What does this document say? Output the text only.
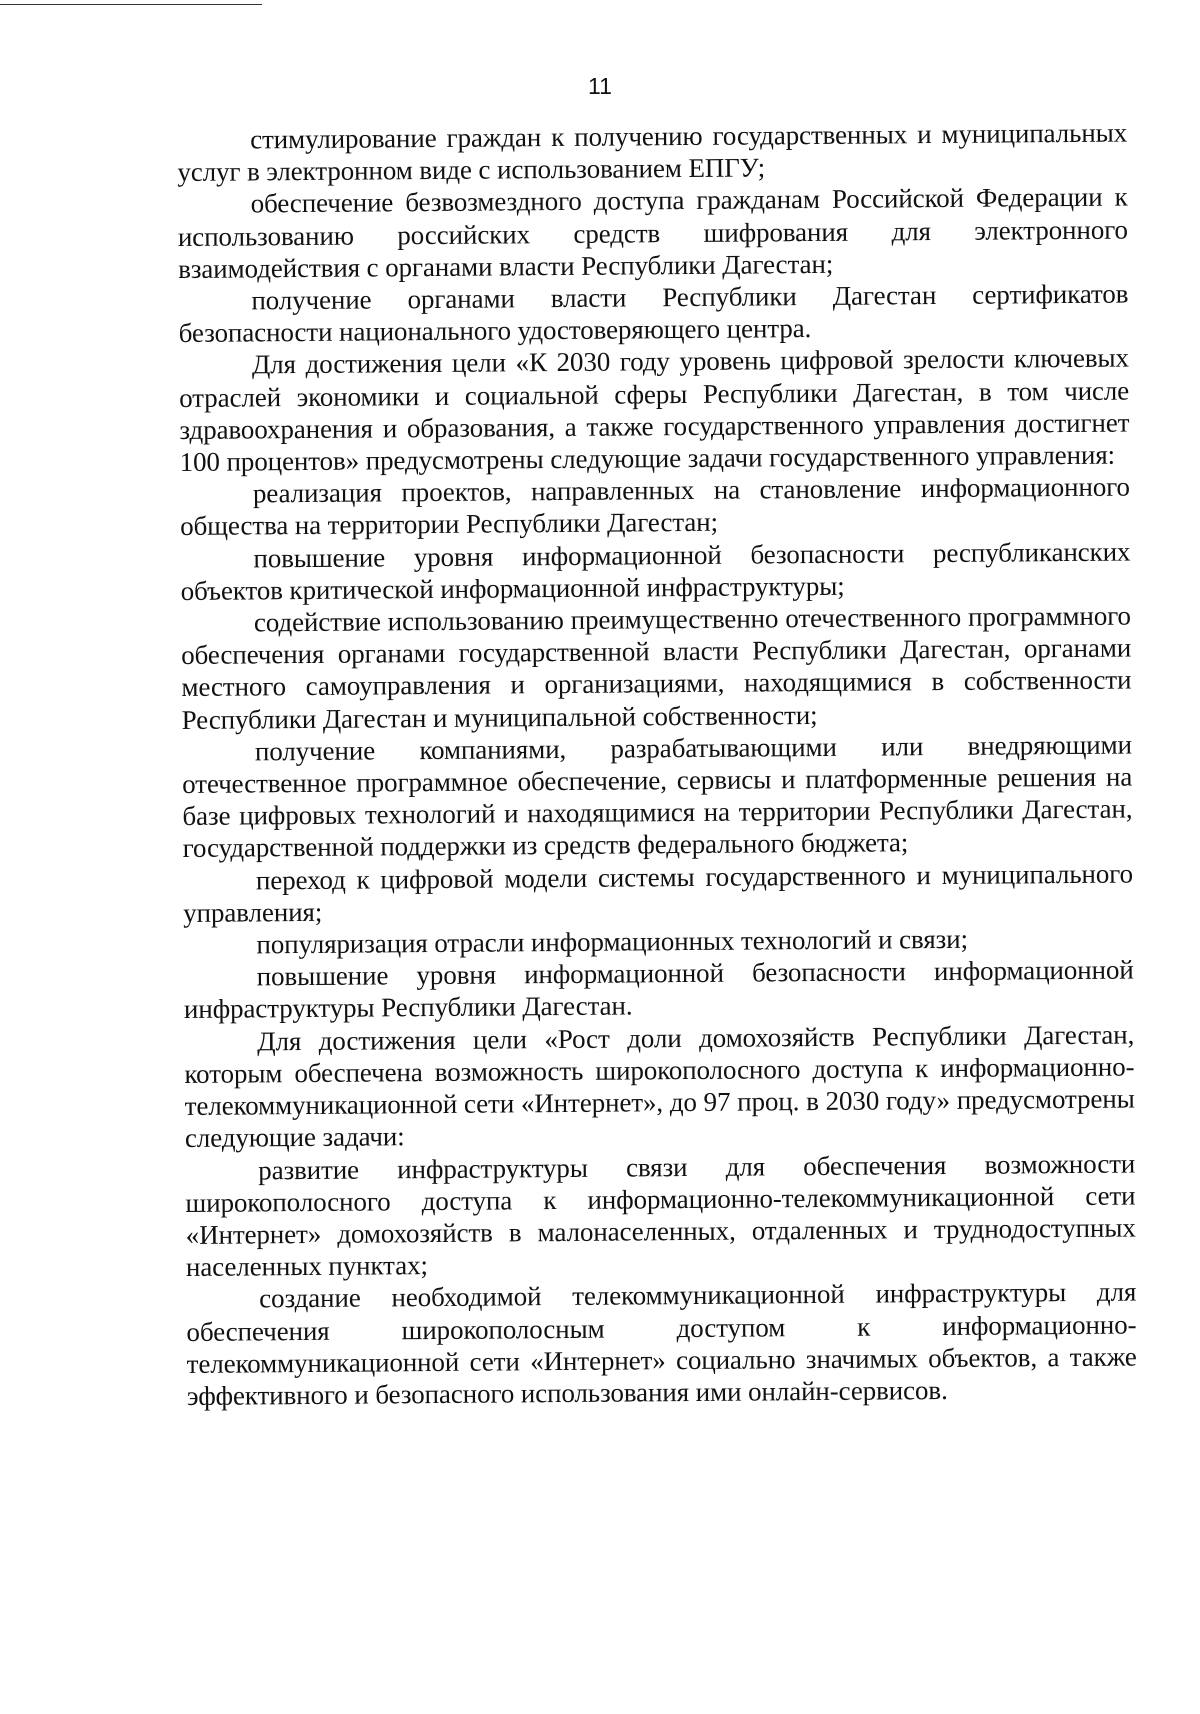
11

стимулирование граждан к получению государственных и муниципальных услуг в электронном виде с использованием ЕПГУ;

обеспечение безвозмездного доступа гражданам Российской Федерации к использованию российских средств шифрования для электронного взаимодействия с органами власти Республики Дагестан;

получение органами власти Республики Дагестан сертификатов безопасности национального удостоверяющего центра.

Для достижения цели «К 2030 году уровень цифровой зрелости ключевых отраслей экономики и социальной сферы Республики Дагестан, в том числе здравоохранения и образования, а также государственного управления достигнет 100 процентов» предусмотрены следующие задачи государственного управления:

реализация проектов, направленных на становление информационного общества на территории Республики Дагестан;

повышение уровня информационной безопасности республиканских объектов критической информационной инфраструктуры;

содействие использованию преимущественно отечественного программного обеспечения органами государственной власти Республики Дагестан, органами местного самоуправления и организациями, находящимися в собственности Республики Дагестан и муниципальной собственности;

получение компаниями, разрабатывающими или внедряющими отечественное программное обеспечение, сервисы и платформенные решения на базе цифровых технологий и находящимися на территории Республики Дагестан, государственной поддержки из средств федерального бюджета;

переход к цифровой модели системы государственного и муниципального управления;

популяризация отрасли информационных технологий и связи;

повышение уровня информационной безопасности информационной инфраструктуры Республики Дагестан.

Для достижения цели «Рост доли домохозяйств Республики Дагестан, которым обеспечена возможность широкополосного доступа к информационно-телекоммуникационной сети «Интернет», до 97 проц. в 2030 году» предусмотрены следующие задачи:

развитие инфраструктуры связи для обеспечения возможности широкополосного доступа к информационно-телекоммуникационной сети «Интернет» домохозяйств в малонаселенных, отдаленных и труднодоступных населенных пунктах;

создание необходимой телекоммуникационной инфраструктуры для обеспечения широкополосным доступом к информационно-телекоммуникационной сети «Интернет» социально значимых объектов, а также эффективного и безопасного использования ими онлайн-сервисов.
